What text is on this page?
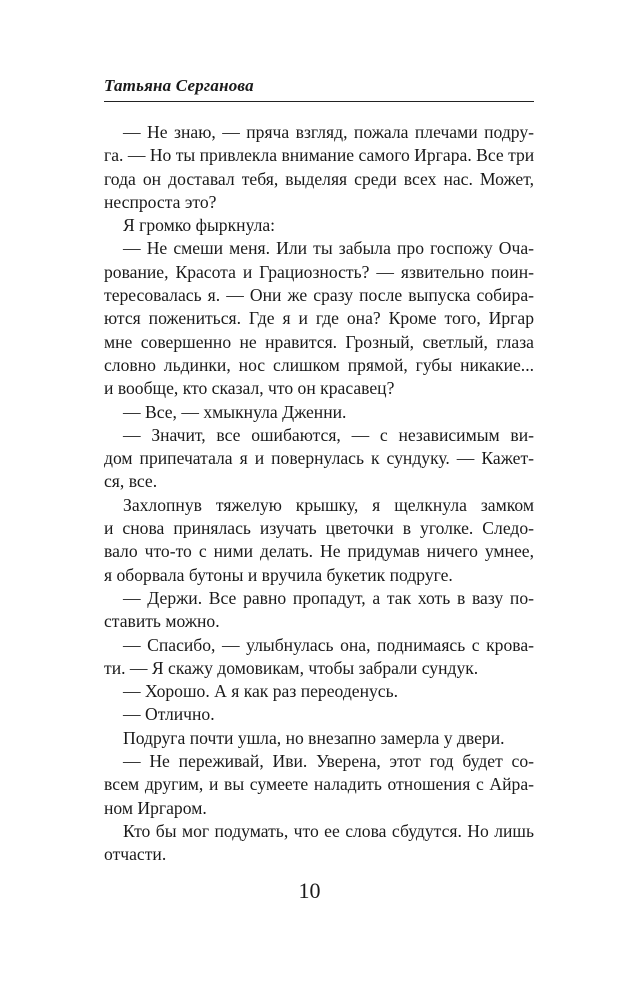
Татьяна Серганова
— Не знаю, — пряча взгляд, пожала плечами подру-
га. — Но ты привлекла внимание самого Иргара. Все три
года он доставал тебя, выделяя среди всех нас. Может,
неспроста это?
Я громко фыркнула:
— Не смеши меня. Или ты забыла про госпожу Оча-
рование, Красота и Грациозность? — язвительно поин-
тересовалась я. — Они же сразу после выпуска собира-
ются пожениться. Где я и где она? Кроме того, Иргар
мне совершенно не нравится. Грозный, светлый, глаза
словно льдинки, нос слишком прямой, губы никакие...
и вообще, кто сказал, что он красавец?
— Все, — хмыкнула Дженни.
— Значит, все ошибаются, — с независимым ви-
дом припечатала я и повернулась к сундуку. — Кажет-
ся, все.
Захлопнув тяжелую крышку, я щелкнула замком
и снова принялась изучать цветочки в уголке. Следо-
вало что-то с ними делать. Не придумав ничего умнее,
я оборвала бутоны и вручила букетик подруге.
— Держи. Все равно пропадут, а так хоть в вазу по-
ставить можно.
— Спасибо, — улыбнулась она, поднимаясь с крова-
ти. — Я скажу домовикам, чтобы забрали сундук.
— Хорошо. А я как раз переоденусь.
— Отлично.
Подруга почти ушла, но внезапно замерла у двери.
— Не переживай, Иви. Уверена, этот год будет со-
всем другим, и вы сумеете наладить отношения с Айра-
ном Иргаром.
Кто бы мог подумать, что ее слова сбудутся. Но лишь
отчасти.
10
